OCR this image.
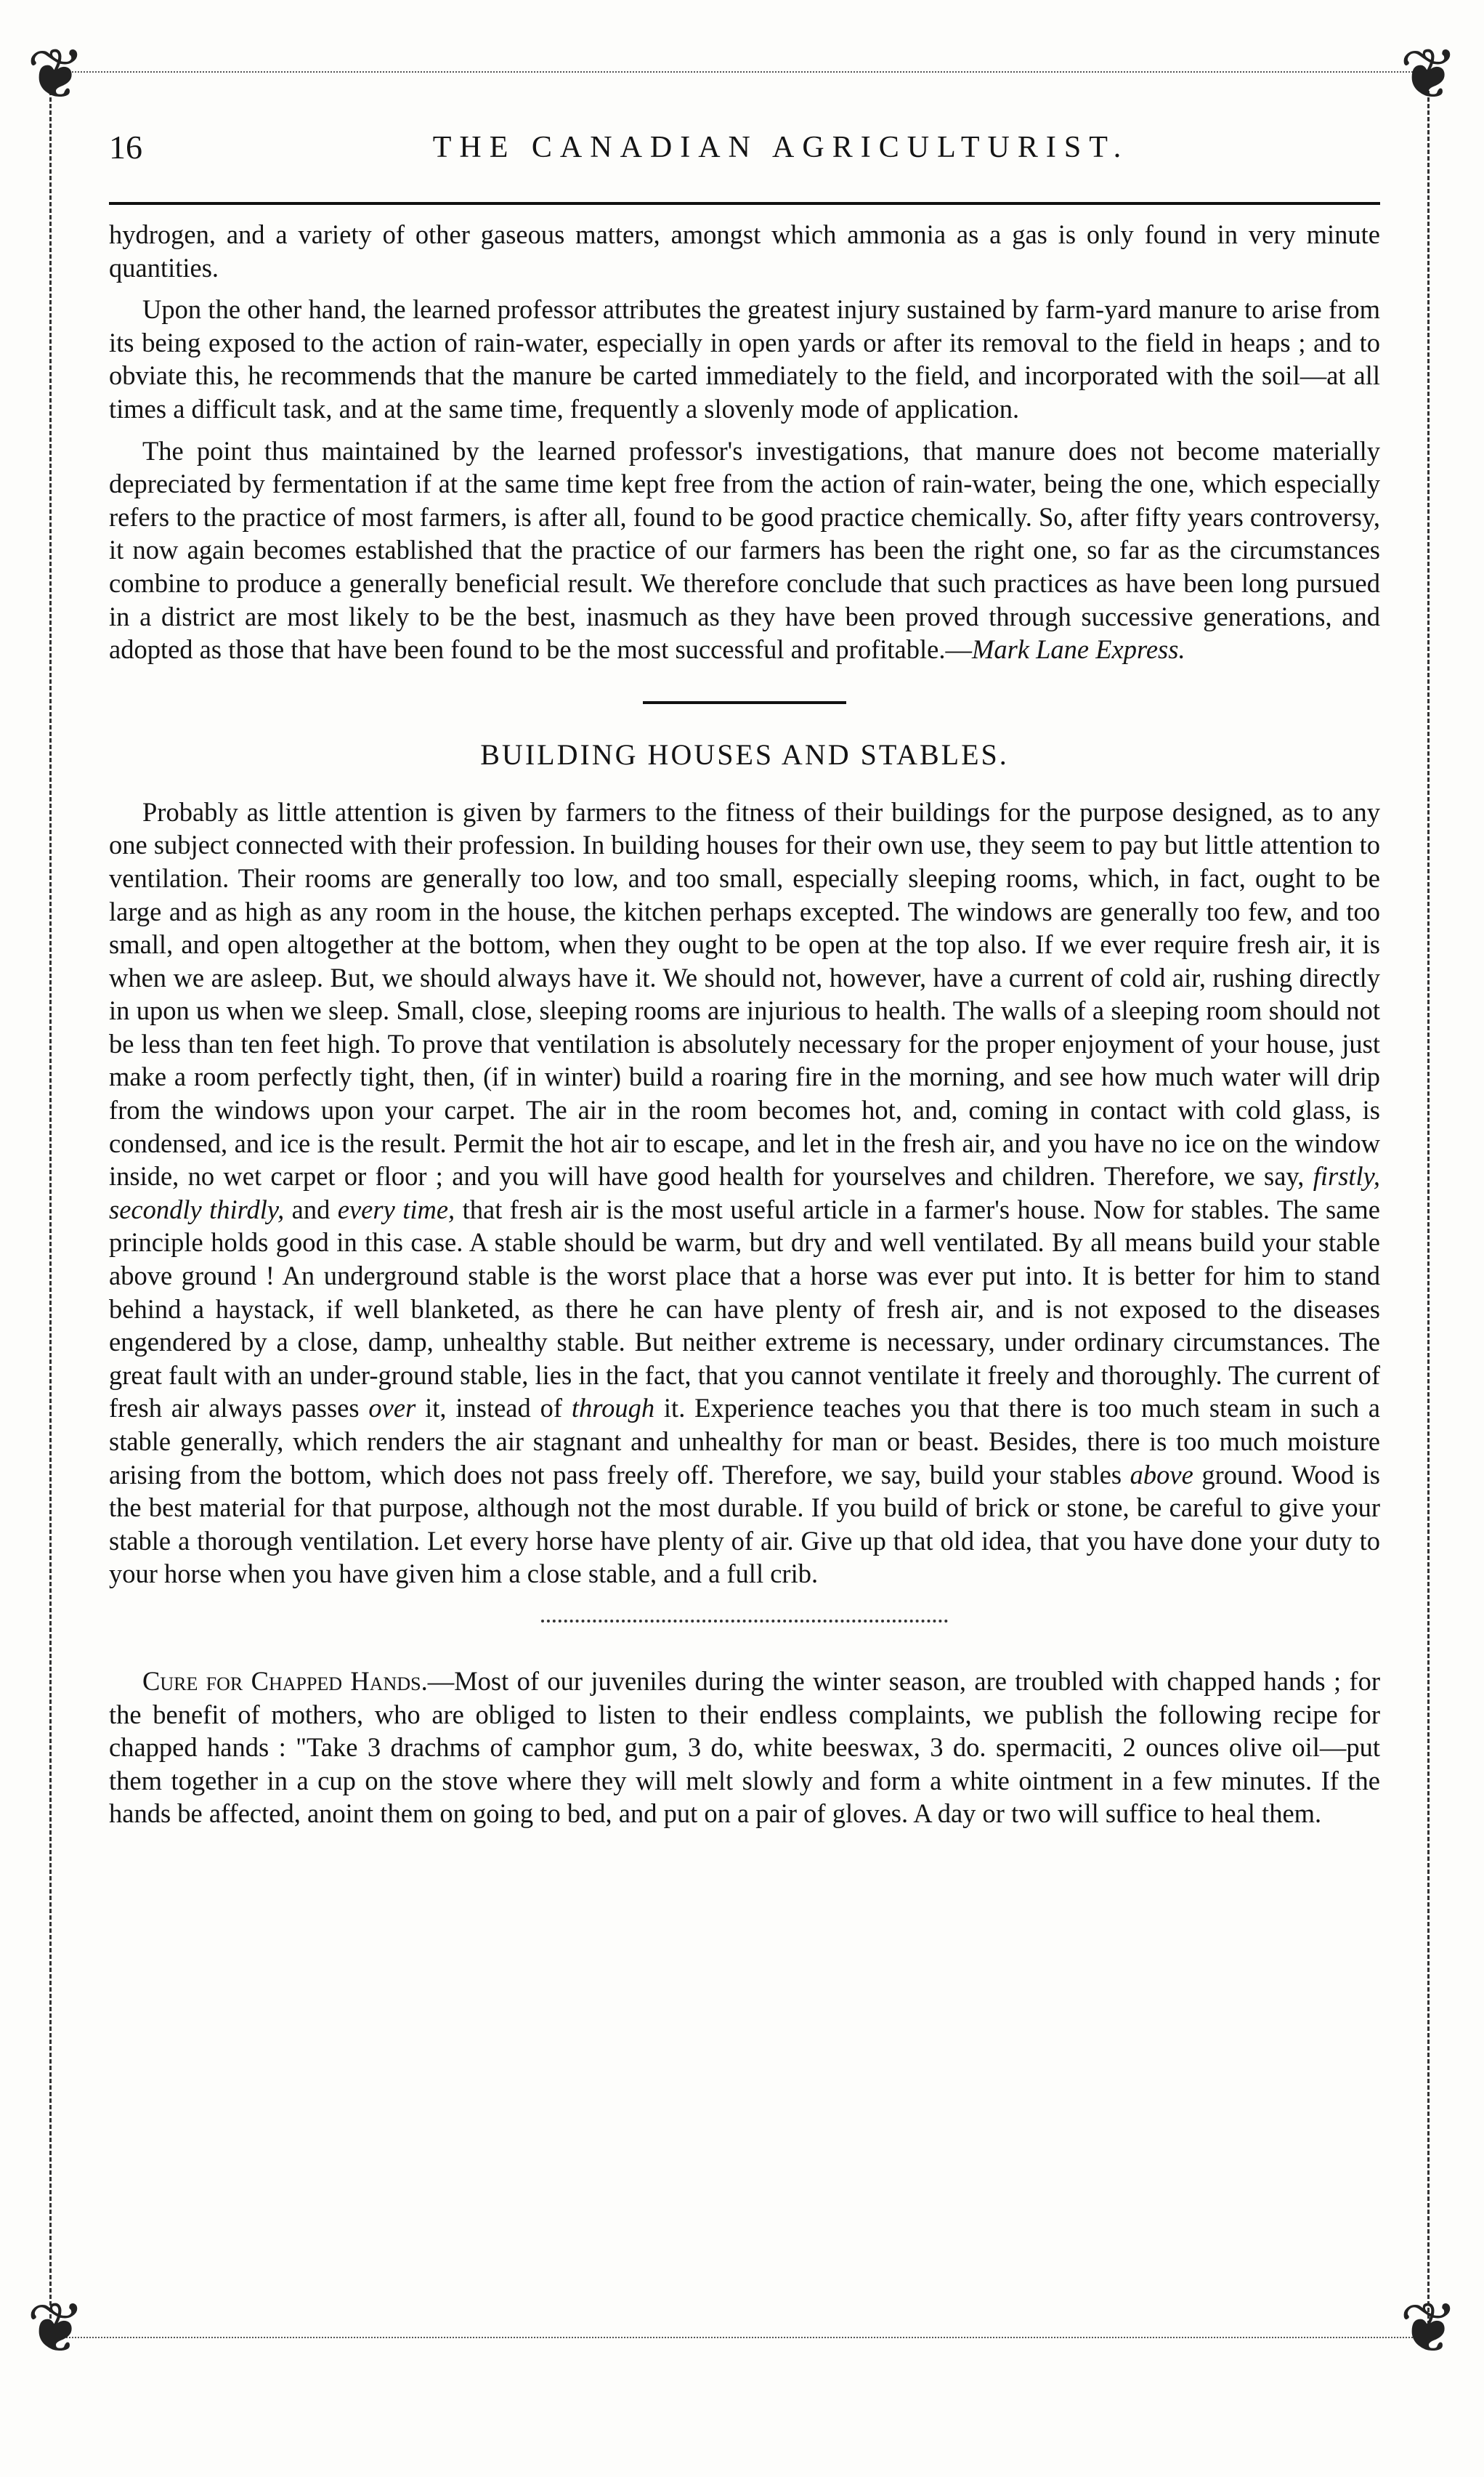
❦	❦
❦	❦
16	THE CANADIAN AGRICULTURIST.

hydrogen, and a variety of other gaseous matters, amongst which ammonia as a gas is only found in very minute quantities.

Upon the other hand, the learned professor attributes the greatest injury sustained by farm-yard manure to arise from its being exposed to the action of rain-water, especially in open yards or after its removal to the field in heaps ; and to obviate this, he recommends that the manure be carted immediately to the field, and incorporated with the soil—at all times a difficult task, and at the same time, frequently a slovenly mode of application.

The point thus maintained by the learned professor's investigations, that manure does not become materially depreciated by fermentation if at the same time kept free from the action of rain-water, being the one, which especially refers to the practice of most farmers, is after all, found to be good practice chemically. So, after fifty years controversy, it now again becomes established that the practice of our farmers has been the right one, so far as the circumstances combine to produce a generally beneficial result. We therefore conclude that such practices as have been long pursued in a district are most likely to be the best, inasmuch as they have been proved through successive generations, and adopted as those that have been found to be the most successful and profitable.—Mark Lane Express.

BUILDING HOUSES AND STABLES.

Probably as little attention is given by farmers to the fitness of their buildings for the purpose designed, as to any one subject connected with their profession. In building houses for their own use, they seem to pay but little attention to ventilation. Their rooms are generally too low, and too small, especially sleeping rooms, which, in fact, ought to be large and as high as any room in the house, the kitchen perhaps excepted. The windows are generally too few, and too small, and open altogether at the bottom, when they ought to be open at the top also. If we ever require fresh air, it is when we are asleep. But, we should always have it. We should not, however, have a current of cold air, rushing directly in upon us when we sleep. Small, close, sleeping rooms are injurious to health. The walls of a sleeping room should not be less than ten feet high. To prove that ventilation is absolutely necessary for the proper enjoyment of your house, just make a room perfectly tight, then, (if in winter) build a roaring fire in the morning, and see how much water will drip from the windows upon your carpet. The air in the room becomes hot, and, coming in contact with cold glass, is condensed, and ice is the result. Permit the hot air to escape, and let in the fresh air, and you have no ice on the window inside, no wet carpet or floor ; and you will have good health for yourselves and children. Therefore, we say, firstly, secondly thirdly, and every time, that fresh air is the most useful article in a farmer's house. Now for stables. The same principle holds good in this case. A stable should be warm, but dry and well ventilated. By all means build your stable above ground ! An underground stable is the worst place that a horse was ever put into. It is better for him to stand behind a haystack, if well blanketed, as there he can have plenty of fresh air, and is not exposed to the diseases engendered by a close, damp, unhealthy stable. But neither extreme is necessary, under ordinary circumstances. The great fault with an under-ground stable, lies in the fact, that you cannot ventilate it freely and thoroughly. The current of fresh air always passes over it, instead of through it. Experience teaches you that there is too much steam in such a stable generally, which renders the air stagnant and unhealthy for man or beast. Besides, there is too much moisture arising from the bottom, which does not pass freely off. Therefore, we say, build your stables above ground. Wood is the best material for that purpose, although not the most durable. If you build of brick or stone, be careful to give your stable a thorough ventilation. Let every horse have plenty of air. Give up that old idea, that you have done your duty to your horse when you have given him a close stable, and a full crib.

Cure for Chapped Hands.—Most of our juveniles during the winter season, are troubled with chapped hands ; for the benefit of mothers, who are obliged to listen to their endless complaints, we publish the following recipe for chapped hands : "Take 3 drachms of camphor gum, 3 do, white beeswax, 3 do. spermaciti, 2 ounces olive oil—put them together in a cup on the stove where they will melt slowly and form a white ointment in a few minutes. If the hands be affected, anoint them on going to bed, and put on a pair of gloves. A day or two will suffice to heal them.
